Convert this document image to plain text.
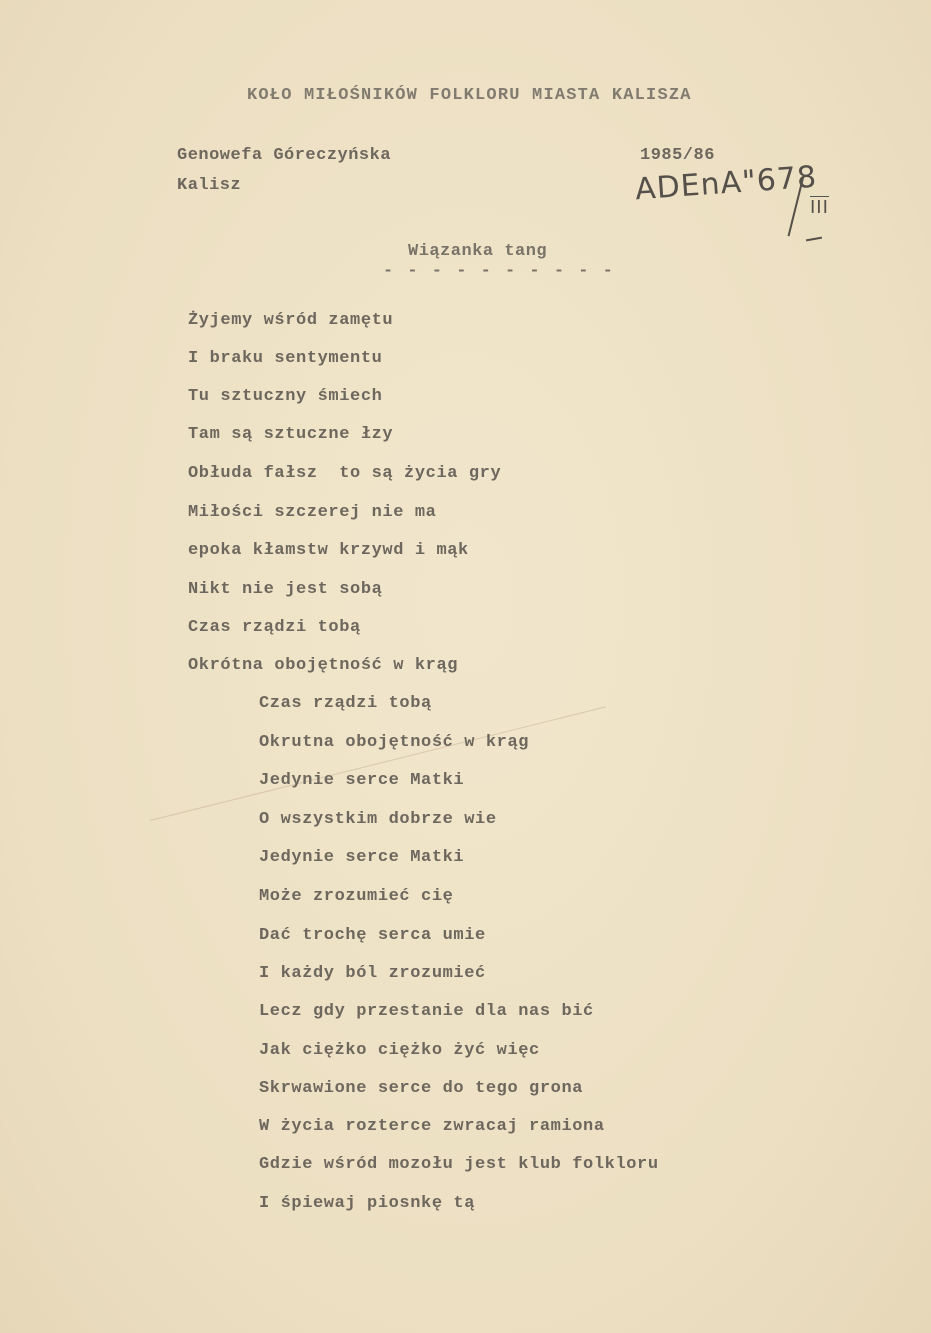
KOŁO MIŁOŚNIKÓW FOLKLORU MIASTA KALISZA
Genowefa Góreczyńska
Kalisz
1985/86
ADEnA"678
III
Wiązanka tang
- - - - - - - - - -
Żyjemy wśród zamętu
I braku sentymentu
Tu sztuczny śmiech
Tam są sztuczne łzy
Obłuda fałsz  to są życia gry
Miłości szczerej nie ma
epoka kłamstw krzywd i mąk
Nikt nie jest sobą
Czas rządzi tobą
Okrótna obojętność w krąg
Czas rządzi tobą
Okrutna obojętność w krąg
Jedynie serce Matki
O wszystkim dobrze wie
Jedynie serce Matki
Może zrozumieć cię
Dać trochę serca umie
I każdy ból zrozumieć
Lecz gdy przestanie dla nas bić
Jak ciężko ciężko żyć więc
Skrwawione serce do tego grona
W życia rozterce zwracaj ramiona
Gdzie wśród mozołu jest klub folkloru
I śpiewaj piosnkę tą
